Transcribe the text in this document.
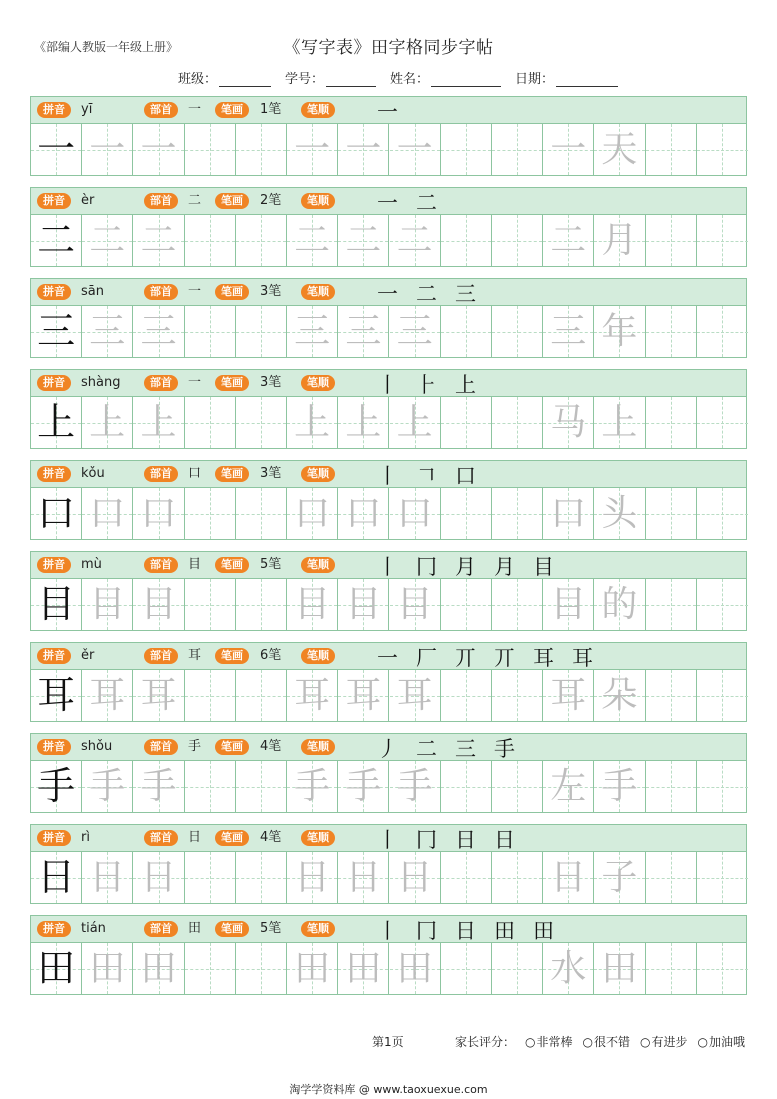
《部编人教版一年级上册》	《写字表》田字格同步字帖
班级：	学号：	姓名：	日期：
拼音	yī	部首	一	笔画	1笔	笔顺 一
一 一 一	一 一 一	一 天
拼音	èr	部首	二	笔画	2笔	笔顺 一 二
二 二 二	二 二 二	二 月
拼音	sān	部首	一	笔画	3笔	笔顺 一 二 三
三 三 三	三 三 三	三 年
拼音	shàng	部首	一	笔画	3笔	笔顺 丨 ⺊ 上
上 上 上	上 上 上	马 上
拼音	kǒu	部首	口	笔画	3笔	笔顺 丨 𠃍 口
口 口 口	口 口 口	口 头
拼音	mù	部首	目	笔画	5笔	笔顺 丨 冂 月 月 目
目 目 目	目 目 目	目 的
拼音	ěr	部首	耳	笔画	6笔	笔顺 一 厂 丌 丌 耳 耳
耳 耳 耳	耳 耳 耳	耳 朵
拼音	shǒu	部首	手	笔画	4笔	笔顺 丿 二 三 手
手 手 手	手 手 手	左 手
拼音	rì	部首	日	笔画	4笔	笔顺 丨 冂 日 日
日 日 日	日 日 日	日 子
拼音	tián	部首	田	笔画	5笔	笔顺 丨 冂 日 田 田
田 田 田	田 田 田	水 田
第1页	家长评分：	○ 非常棒	○ 很不错	○ 有进步	○ 加油哦
淘学学资料库 @ www.taoxuexue.com
